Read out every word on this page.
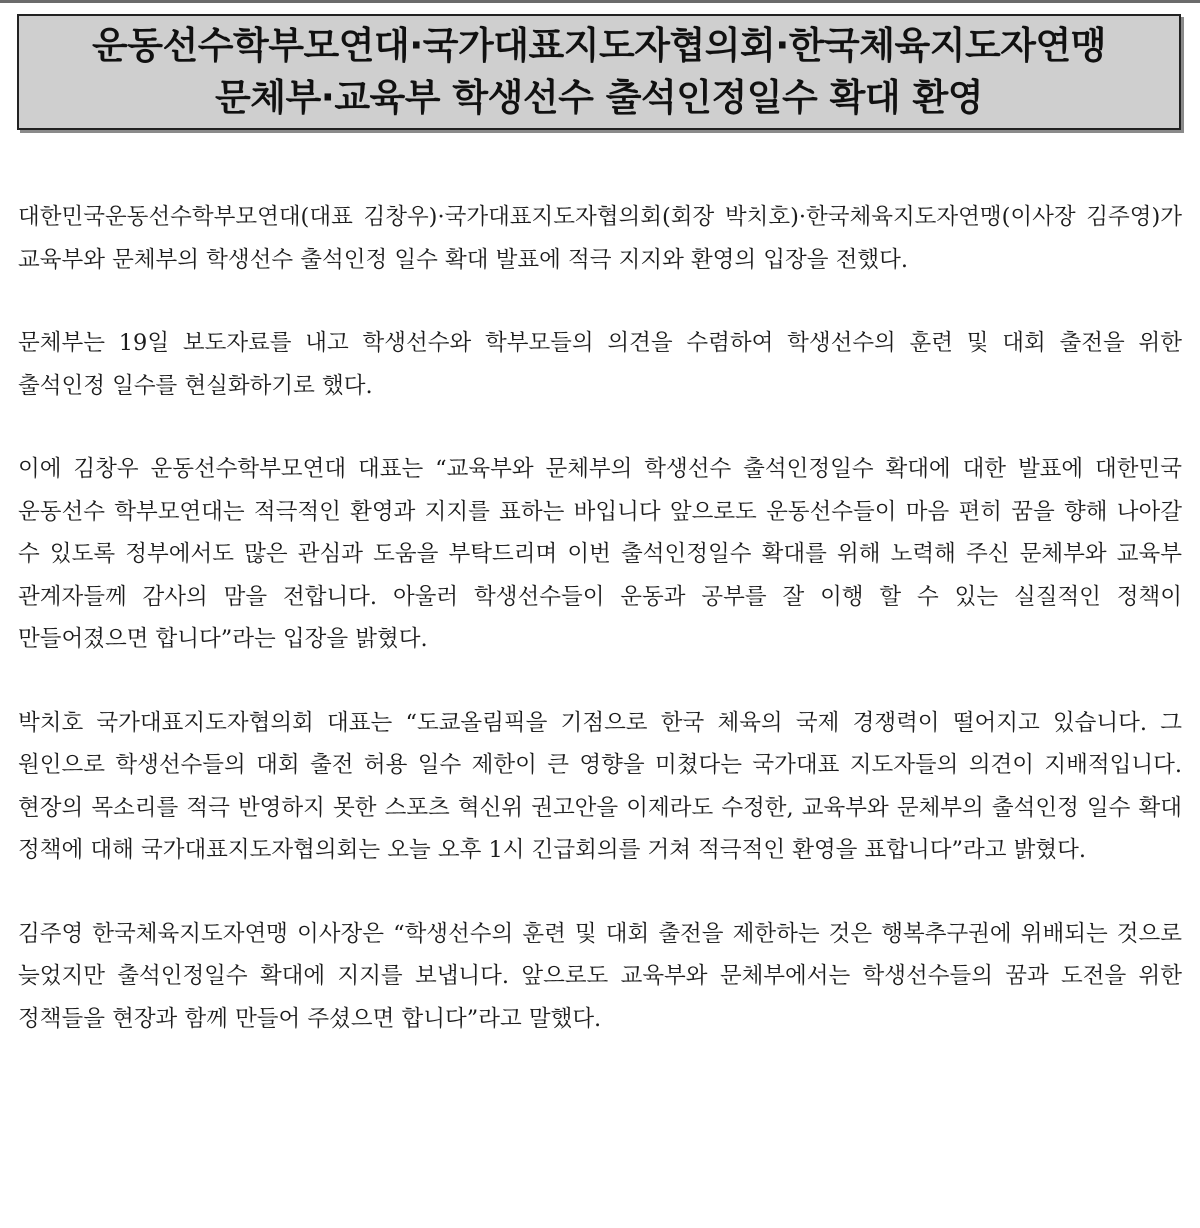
운동선수학부모연대·국가대표지도자협의회·한국체육지도자연맹
문체부·교육부 학생선수 출석인정일수 확대 환영

대한민국운동선수학부모연대(대표 김창우)·국가대표지도자협의회(회장 박치호)·한국체육지도자연맹(이사장 김주영)가 교육부와 문체부의 학생선수 출석인정 일수 확대 발표에 적극 지지와 환영의 입장을 전했다.

문체부는 19일 보도자료를 내고 학생선수와 학부모들의 의견을 수렴하여 학생선수의 훈련 및 대회 출전을 위한 출석인정 일수를 현실화하기로 했다.

이에 김창우 운동선수학부모연대 대표는 “교육부와 문체부의 학생선수 출석인정일수 확대에 대한 발표에 대한민국 운동선수 학부모연대는 적극적인 환영과 지지를 표하는 바입니다 앞으로도 운동선수들이 마음 편히 꿈을 향해 나아갈 수 있도록 정부에서도 많은 관심과 도움을 부탁드리며 이번 출석인정일수 확대를 위해 노력해 주신 문체부와 교육부 관계자들께 감사의 맘을 전합니다. 아울러 학생선수들이 운동과 공부를 잘 이행 할 수 있는 실질적인 정책이 만들어졌으면 합니다”라는 입장을 밝혔다.

박치호 국가대표지도자협의회 대표는 “도쿄올림픽을 기점으로 한국 체육의 국제 경쟁력이 떨어지고 있습니다. 그 원인으로 학생선수들의 대회 출전 허용 일수 제한이 큰 영향을 미쳤다는 국가대표 지도자들의 의견이 지배적입니다. 현장의 목소리를 적극 반영하지 못한 스포츠 혁신위 권고안을 이제라도 수정한, 교육부와 문체부의 출석인정 일수 확대 정책에 대해 국가대표지도자협의회는 오늘 오후 1시 긴급회의를 거쳐 적극적인 환영을 표합니다”라고 밝혔다.

김주영 한국체육지도자연맹 이사장은 “학생선수의 훈련 및 대회 출전을 제한하는 것은 행복추구권에 위배되는 것으로 늦었지만 출석인정일수 확대에 지지를 보냅니다. 앞으로도 교육부와 문체부에서는 학생선수들의 꿈과 도전을 위한 정책들을 현장과 함께 만들어 주셨으면 합니다”라고 말했다.
